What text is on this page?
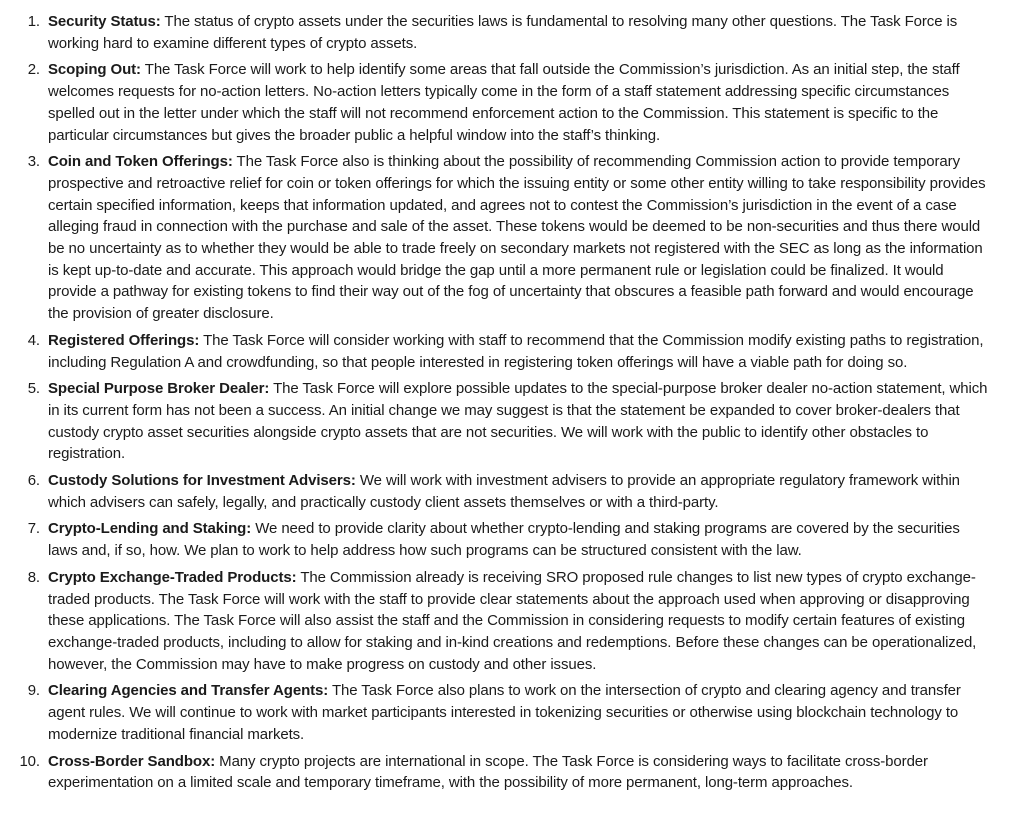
1. Security Status: The status of crypto assets under the securities laws is fundamental to resolving many other questions. The Task Force is working hard to examine different types of crypto assets.

2. Scoping Out: The Task Force will work to help identify some areas that fall outside the Commission’s jurisdiction. As an initial step, the staff welcomes requests for no-action letters. No-action letters typically come in the form of a staff statement addressing specific circumstances spelled out in the letter under which the staff will not recommend enforcement action to the Commission. This statement is specific to the particular circumstances but gives the broader public a helpful window into the staff’s thinking.

3. Coin and Token Offerings: The Task Force also is thinking about the possibility of recommending Commission action to provide temporary prospective and retroactive relief for coin or token offerings for which the issuing entity or some other entity willing to take responsibility provides certain specified information, keeps that information updated, and agrees not to contest the Commission’s jurisdiction in the event of a case alleging fraud in connection with the purchase and sale of the asset. These tokens would be deemed to be non-securities and thus there would be no uncertainty as to whether they would be able to trade freely on secondary markets not registered with the SEC as long as the information is kept up-to-date and accurate. This approach would bridge the gap until a more permanent rule or legislation could be finalized. It would provide a pathway for existing tokens to find their way out of the fog of uncertainty that obscures a feasible path forward and would encourage the provision of greater disclosure.

4. Registered Offerings: The Task Force will consider working with staff to recommend that the Commission modify existing paths to registration, including Regulation A and crowdfunding, so that people interested in registering token offerings will have a viable path for doing so.

5. Special Purpose Broker Dealer: The Task Force will explore possible updates to the special-purpose broker dealer no-action statement, which in its current form has not been a success. An initial change we may suggest is that the statement be expanded to cover broker-dealers that custody crypto asset securities alongside crypto assets that are not securities. We will work with the public to identify other obstacles to registration.

6. Custody Solutions for Investment Advisers: We will work with investment advisers to provide an appropriate regulatory framework within which advisers can safely, legally, and practically custody client assets themselves or with a third-party.

7. Crypto-Lending and Staking: We need to provide clarity about whether crypto-lending and staking programs are covered by the securities laws and, if so, how. We plan to work to help address how such programs can be structured consistent with the law.

8. Crypto Exchange-Traded Products: The Commission already is receiving SRO proposed rule changes to list new types of crypto exchange-traded products. The Task Force will work with the staff to provide clear statements about the approach used when approving or disapproving these applications. The Task Force will also assist the staff and the Commission in considering requests to modify certain features of existing exchange-traded products, including to allow for staking and in-kind creations and redemptions. Before these changes can be operationalized, however, the Commission may have to make progress on custody and other issues.

9. Clearing Agencies and Transfer Agents: The Task Force also plans to work on the intersection of crypto and clearing agency and transfer agent rules. We will continue to work with market participants interested in tokenizing securities or otherwise using blockchain technology to modernize traditional financial markets.

10. Cross-Border Sandbox: Many crypto projects are international in scope. The Task Force is considering ways to facilitate cross-border experimentation on a limited scale and temporary timeframe, with the possibility of more permanent, long-term approaches.
